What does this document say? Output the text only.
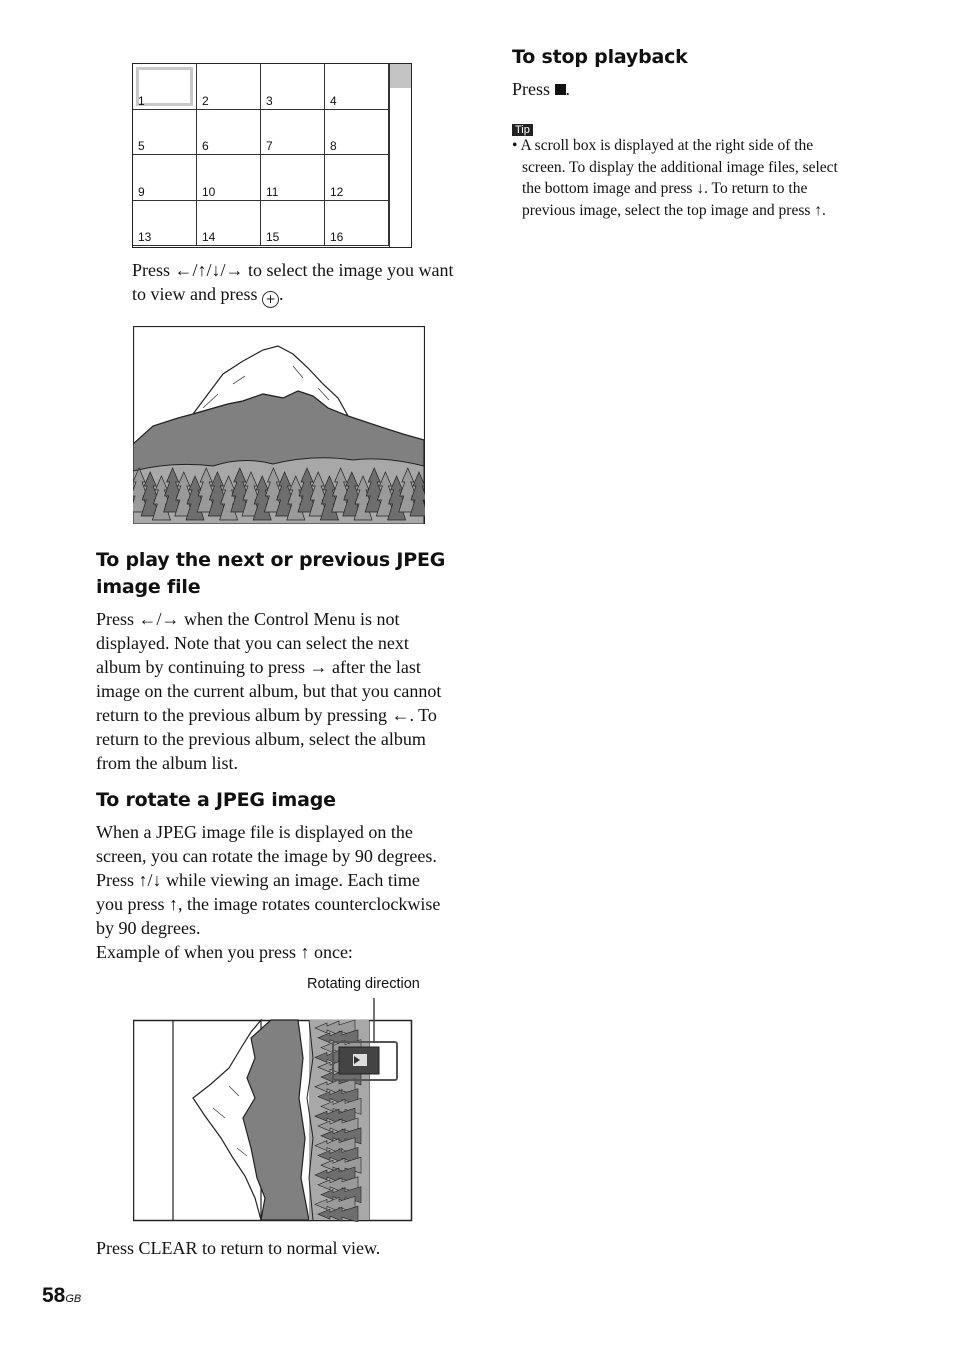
1	2	3	4
5	6	7	8
9	10	11	12
13	14	15	16
Press ←/↑/↓/→ to select the image you want
to view and press + .
To play the next or previous JPEG
image file
Press ←/→ when the Control Menu is not
displayed. Note that you can select the next
album by continuing to press → after the last
image on the current album, but that you cannot
return to the previous album by pressing ←. To
return to the previous album, select the album
from the album list.
To rotate a JPEG image
When a JPEG image file is displayed on the
screen, you can rotate the image by 90 degrees.
Press ↑/↓ while viewing an image. Each time
you press ↑, the image rotates counterclockwise
by 90 degrees.
Example of when you press ↑ once:
Rotating direction
Press CLEAR to return to normal view.
To stop playback
Press .
Tip
• A scroll box is displayed at the right side of the
screen. To display the additional image files, select
the bottom image and press ↓. To return to the
previous image, select the top image and press ↑.
58GB
